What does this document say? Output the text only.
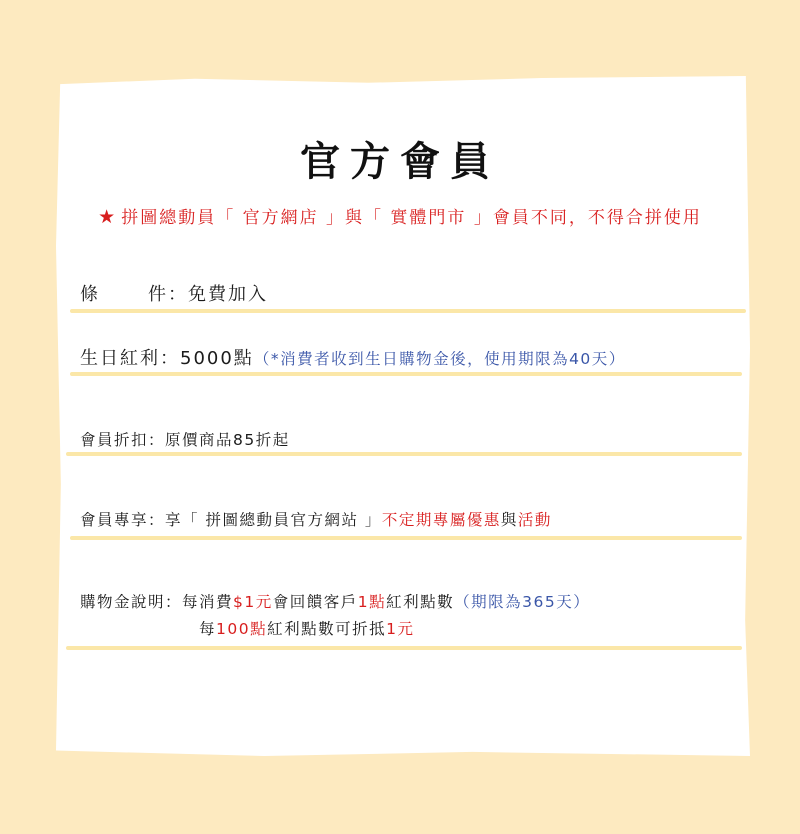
官方會員
★ 拼圖總動員「 官方網店 」與「 實體門市 」會員不同，不得合拼使用
條	件：免費加入
生日紅利：5000點（*消費者收到生日購物金後，使用期限為40天）
會員折扣：原價商品85折起
會員專享：享「 拼圖總動員官方網站 」不定期專屬優惠與活動
購物金說明：每消費$1元會回饋客戶1點紅利點數（期限為365天）
每100點紅利點數可折抵1元
